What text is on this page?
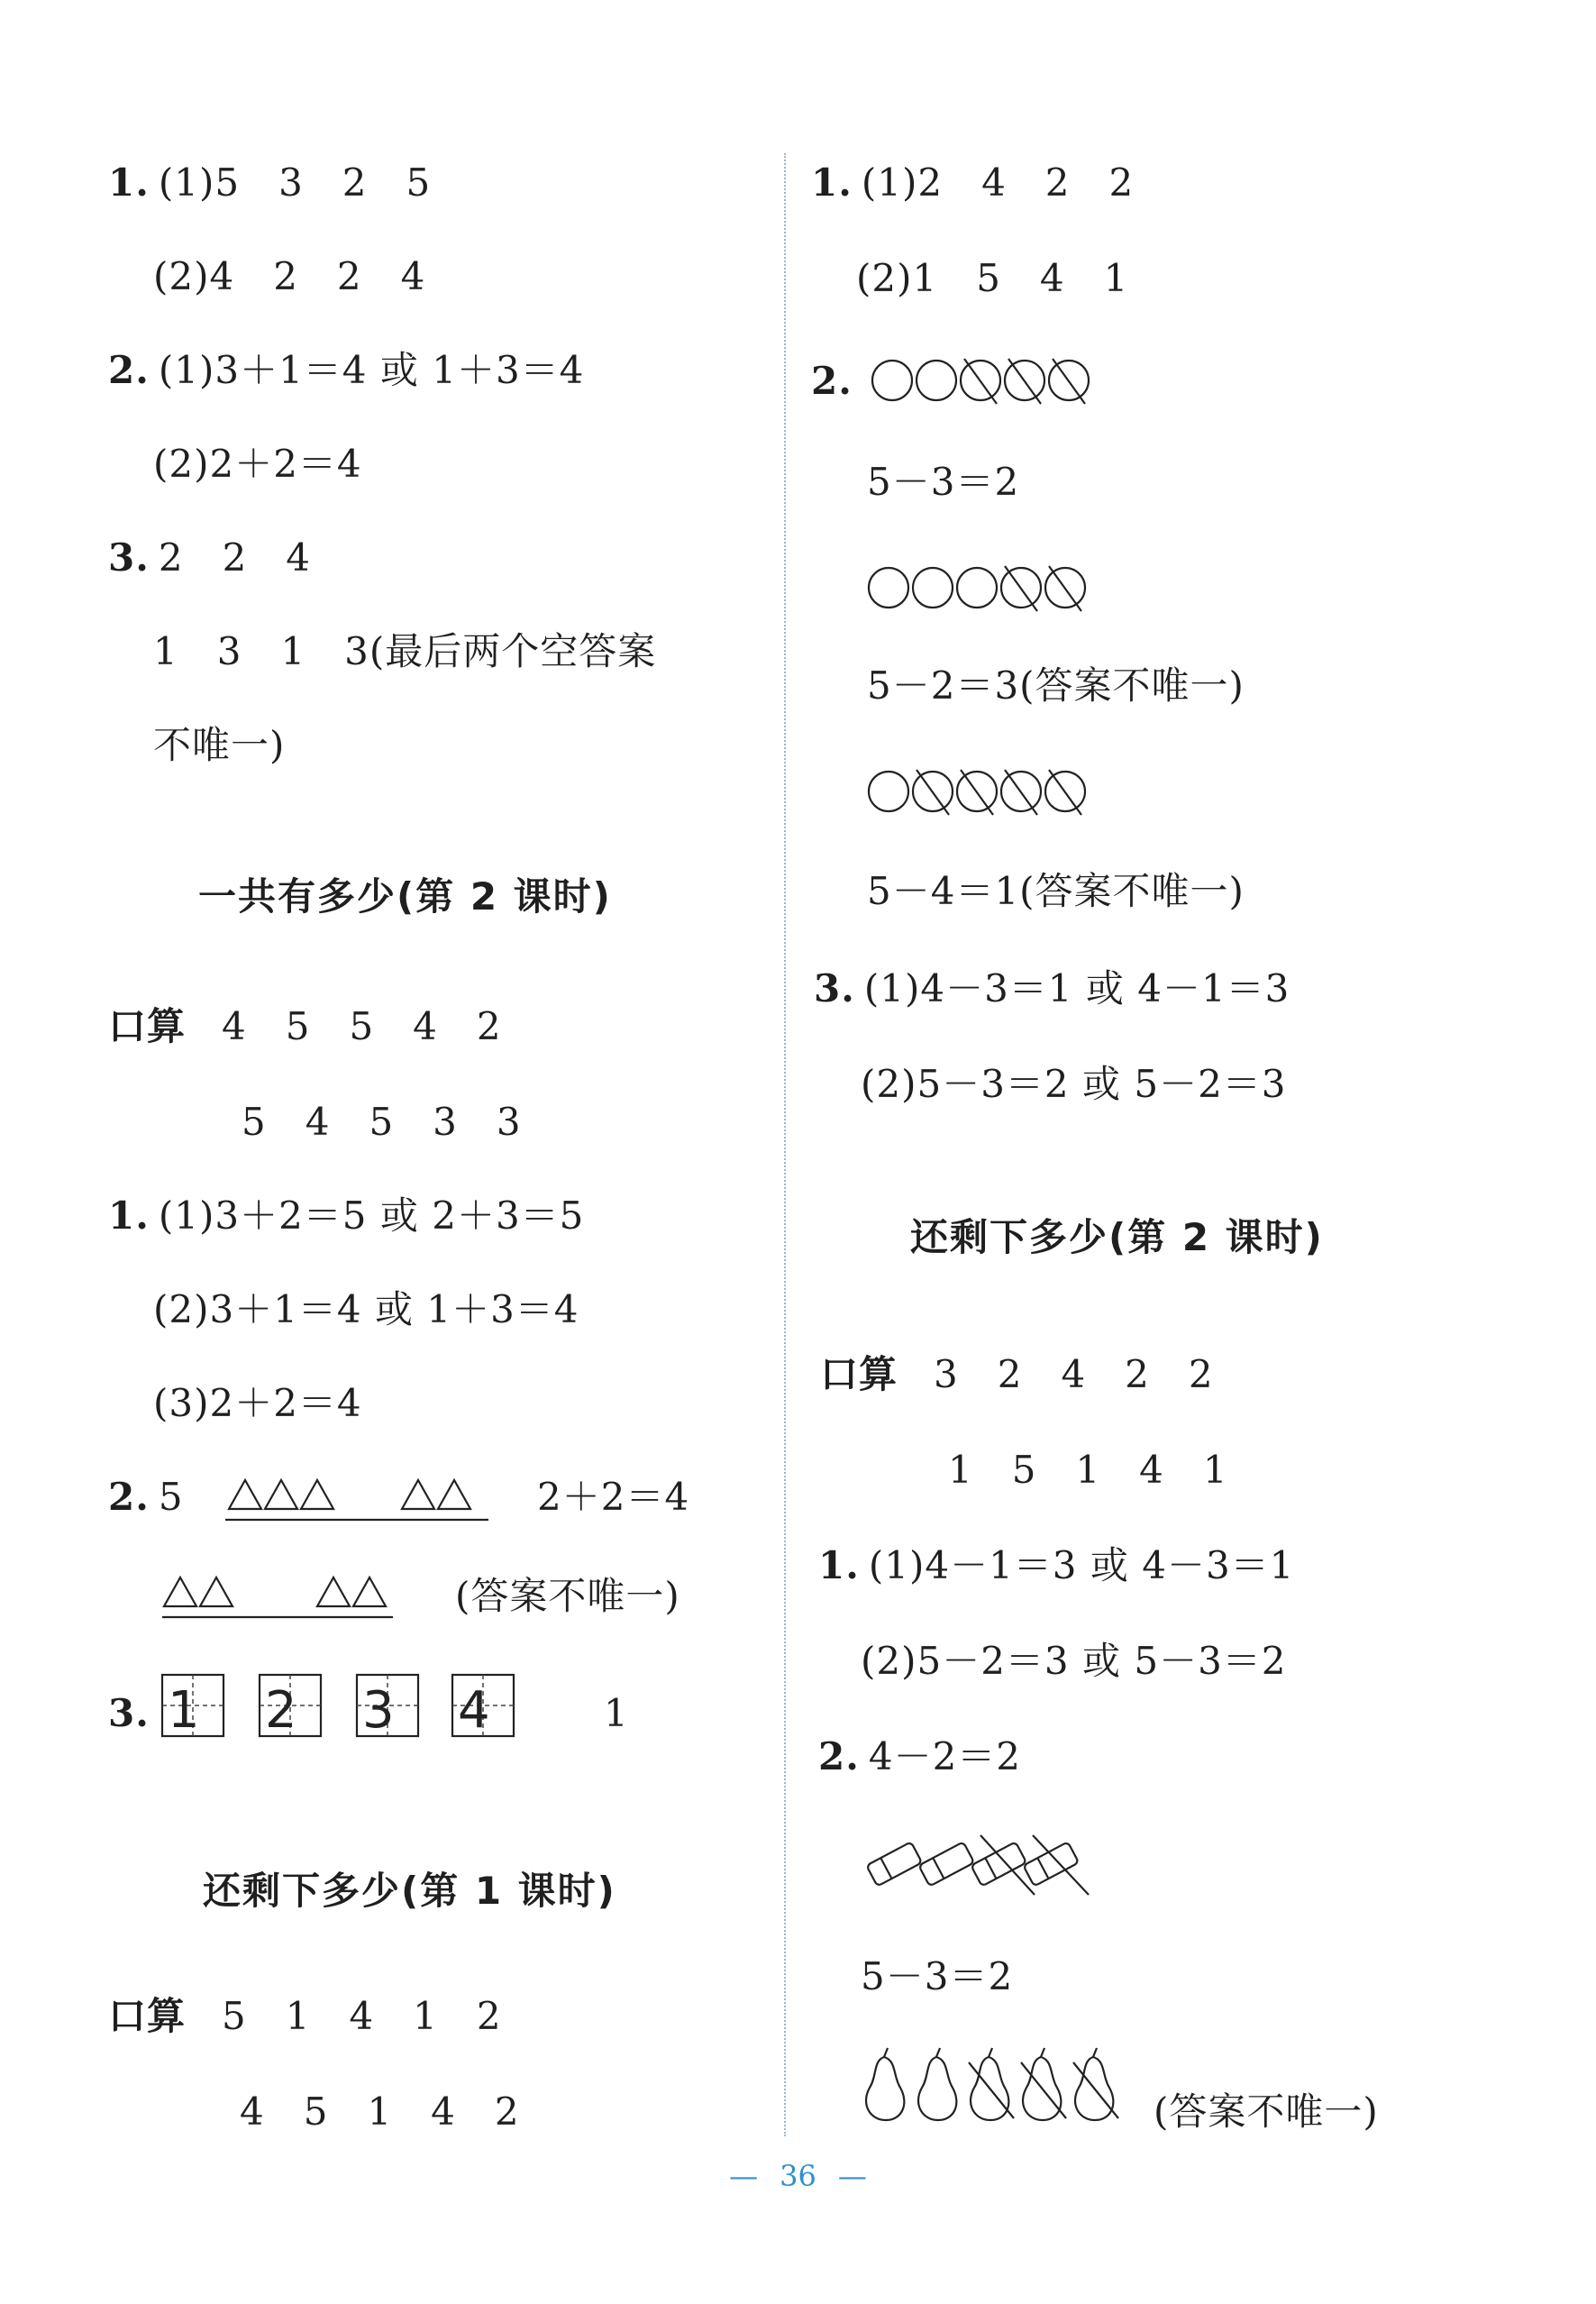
1. (1)5　3　2　5
(2)4　2　2　4
2. (1)3＋1＝4 或 1＋3＝4
(2)2＋2＝4
3. 2　2　4
1　3　1　3(最后两个空答案
不唯一)
一共有多少(第 2 课时)
口算 4　5　5　4　2
5　4　5　3　3
1. (1)3＋2＝5 或 2＋3＝5
(2)3＋1＝4 或 1＋3＝4
(3)2＋2＝4
2. 5	2＋2＝4
(答案不唯一)
3. 1 2 3 4	1
还剩下多少(第 1 课时)
口算 5　1　4　1　2
4　5　1　4　2
1. (1)2　4　2　2
(2)1　5　4　1
2.
5－3＝2
5－2＝3(答案不唯一)
5－4＝1(答案不唯一)
3. (1)4－3＝1 或 4－1＝3
(2)5－3＝2 或 5－2＝3
还剩下多少(第 2 课时)
口算 3　2　4　2　2
1　5　1　4　1
1. (1)4－1＝3 或 4－3＝1
(2)5－2＝3 或 5－3＝2
2. 4－2＝2
5－3＝2
(答案不唯一)
— 36 —
